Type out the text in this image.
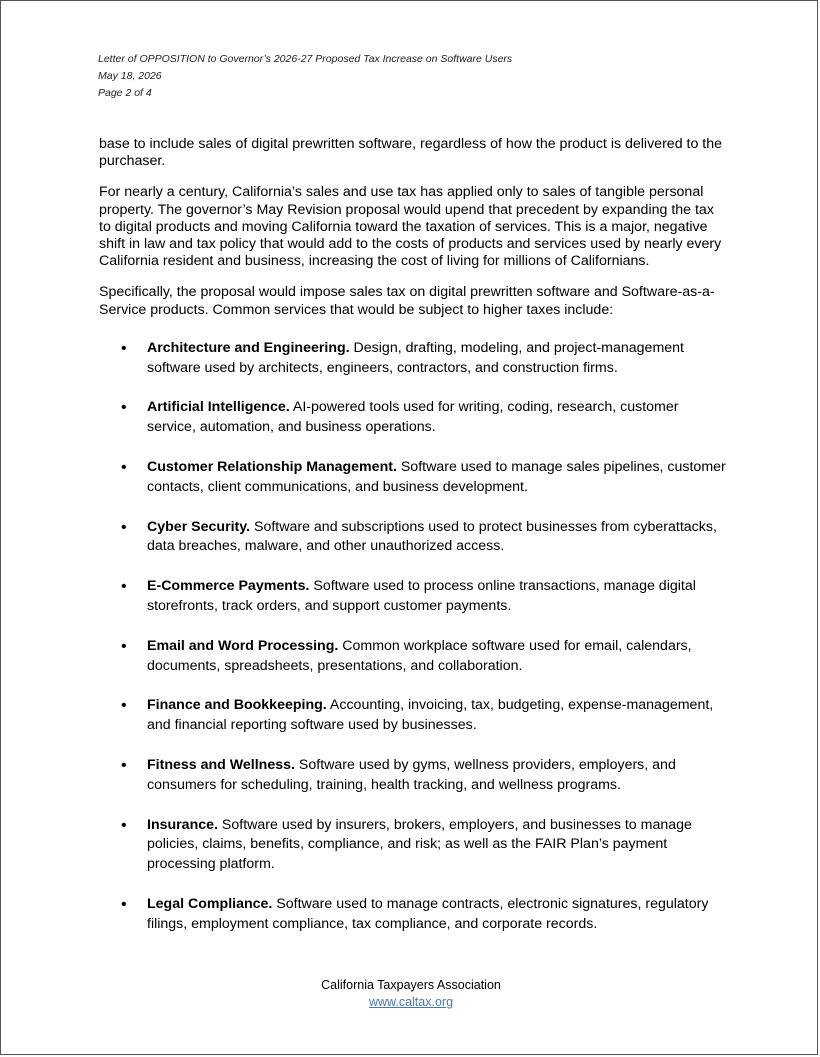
Letter of OPPOSITION to Governor’s 2026-27 Proposed Tax Increase on Software Users
May 18, 2026
Page 2 of 4

base to include sales of digital prewritten software, regardless of how the product is delivered to the purchaser.

For nearly a century, California’s sales and use tax has applied only to sales of tangible personal property. The governor’s May Revision proposal would upend that precedent by expanding the tax to digital products and moving California toward the taxation of services. This is a major, negative shift in law and tax policy that would add to the costs of products and services used by nearly every California resident and business, increasing the cost of living for millions of Californians.

Specifically, the proposal would impose sales tax on digital prewritten software and Software-as-a-Service products. Common services that would be subject to higher taxes include:

• Architecture and Engineering. Design, drafting, modeling, and project-management software used by architects, engineers, contractors, and construction firms.
• Artificial Intelligence. AI-powered tools used for writing, coding, research, customer service, automation, and business operations.
• Customer Relationship Management. Software used to manage sales pipelines, customer contacts, client communications, and business development.
• Cyber Security. Software and subscriptions used to protect businesses from cyberattacks, data breaches, malware, and other unauthorized access.
• E-Commerce Payments. Software used to process online transactions, manage digital storefronts, track orders, and support customer payments.
• Email and Word Processing. Common workplace software used for email, calendars, documents, spreadsheets, presentations, and collaboration.
• Finance and Bookkeeping. Accounting, invoicing, tax, budgeting, expense-management, and financial reporting software used by businesses.
• Fitness and Wellness. Software used by gyms, wellness providers, employers, and consumers for scheduling, training, health tracking, and wellness programs.
• Insurance. Software used by insurers, brokers, employers, and businesses to manage policies, claims, benefits, compliance, and risk; as well as the FAIR Plan’s payment processing platform.
• Legal Compliance. Software used to manage contracts, electronic signatures, regulatory filings, employment compliance, tax compliance, and corporate records.
California Taxpayers Association
www.caltax.org
